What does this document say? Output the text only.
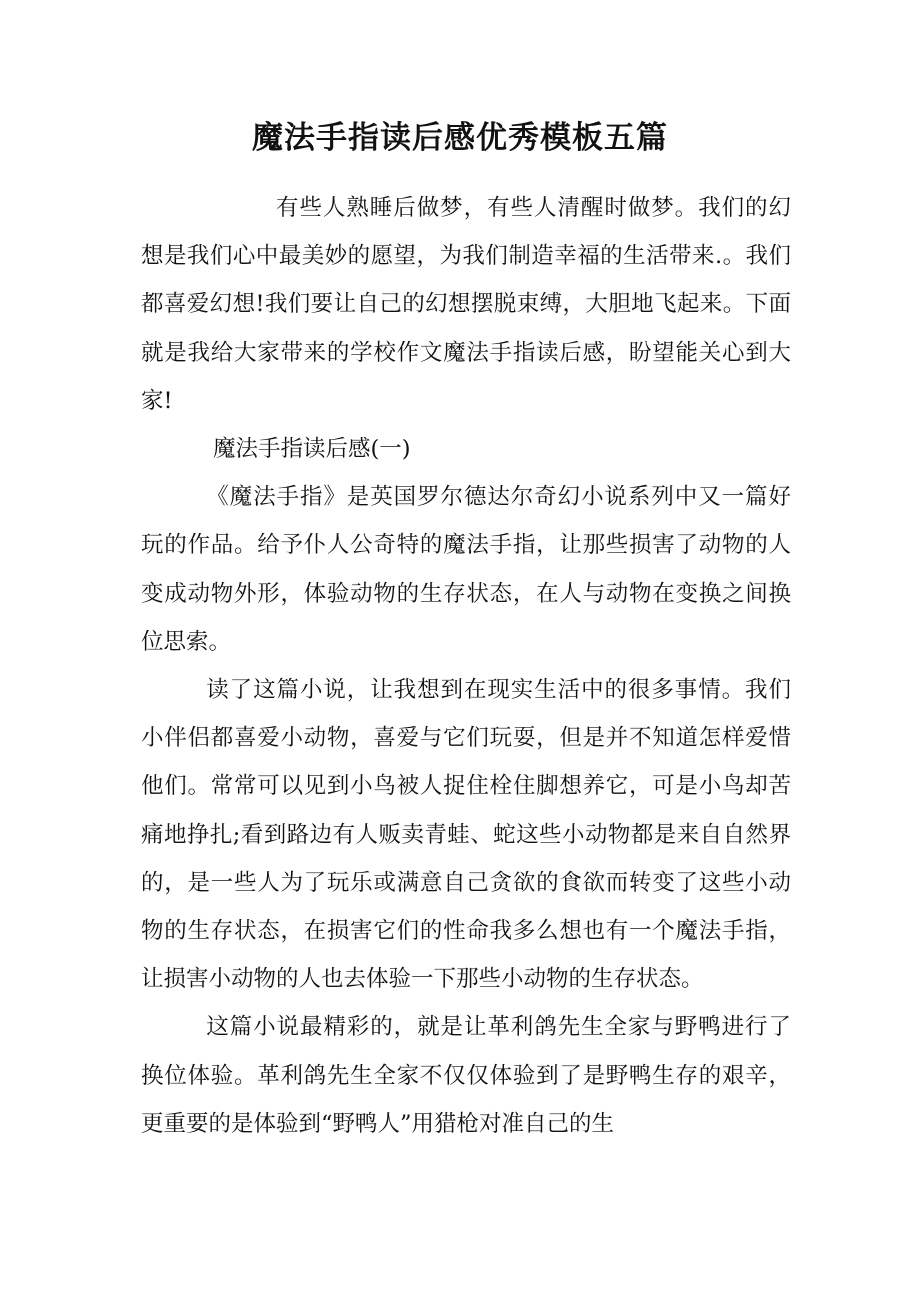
魔法手指读后感优秀模板五篇

有些人熟睡后做梦，有些人清醒时做梦。我们的幻想是我们心中最美妙的愿望，为我们制造幸福的生活带来.。我们都喜爱幻想!我们要让自己的幻想摆脱束缚，大胆地飞起来。下面就是我给大家带来的学校作文魔法手指读后感，盼望能关心到大家!

魔法手指读后感(一)

《魔法手指》是英国罗尔德达尔奇幻小说系列中又一篇好玩的作品。给予仆人公奇特的魔法手指，让那些损害了动物的人变成动物外形，体验动物的生存状态，在人与动物在变换之间换位思索。

读了这篇小说，让我想到在现实生活中的很多事情。我们小伴侣都喜爱小动物，喜爱与它们玩耍，但是并不知道怎样爱惜他们。常常可以见到小鸟被人捉住栓住脚想养它，可是小鸟却苦痛地挣扎;看到路边有人贩卖青蛙、蛇这些小动物都是来自自然界的，是一些人为了玩乐或满意自己贪欲的食欲而转变了这些小动物的生存状态，在损害它们的性命我多么想也有一个魔法手指，让损害小动物的人也去体验一下那些小动物的生存状态。

这篇小说最精彩的，就是让革利鸽先生全家与野鸭进行了换位体验。革利鸽先生全家不仅仅体验到了是野鸭生存的艰辛，更重要的是体验到“野鸭人”用猎枪对准自己的生
